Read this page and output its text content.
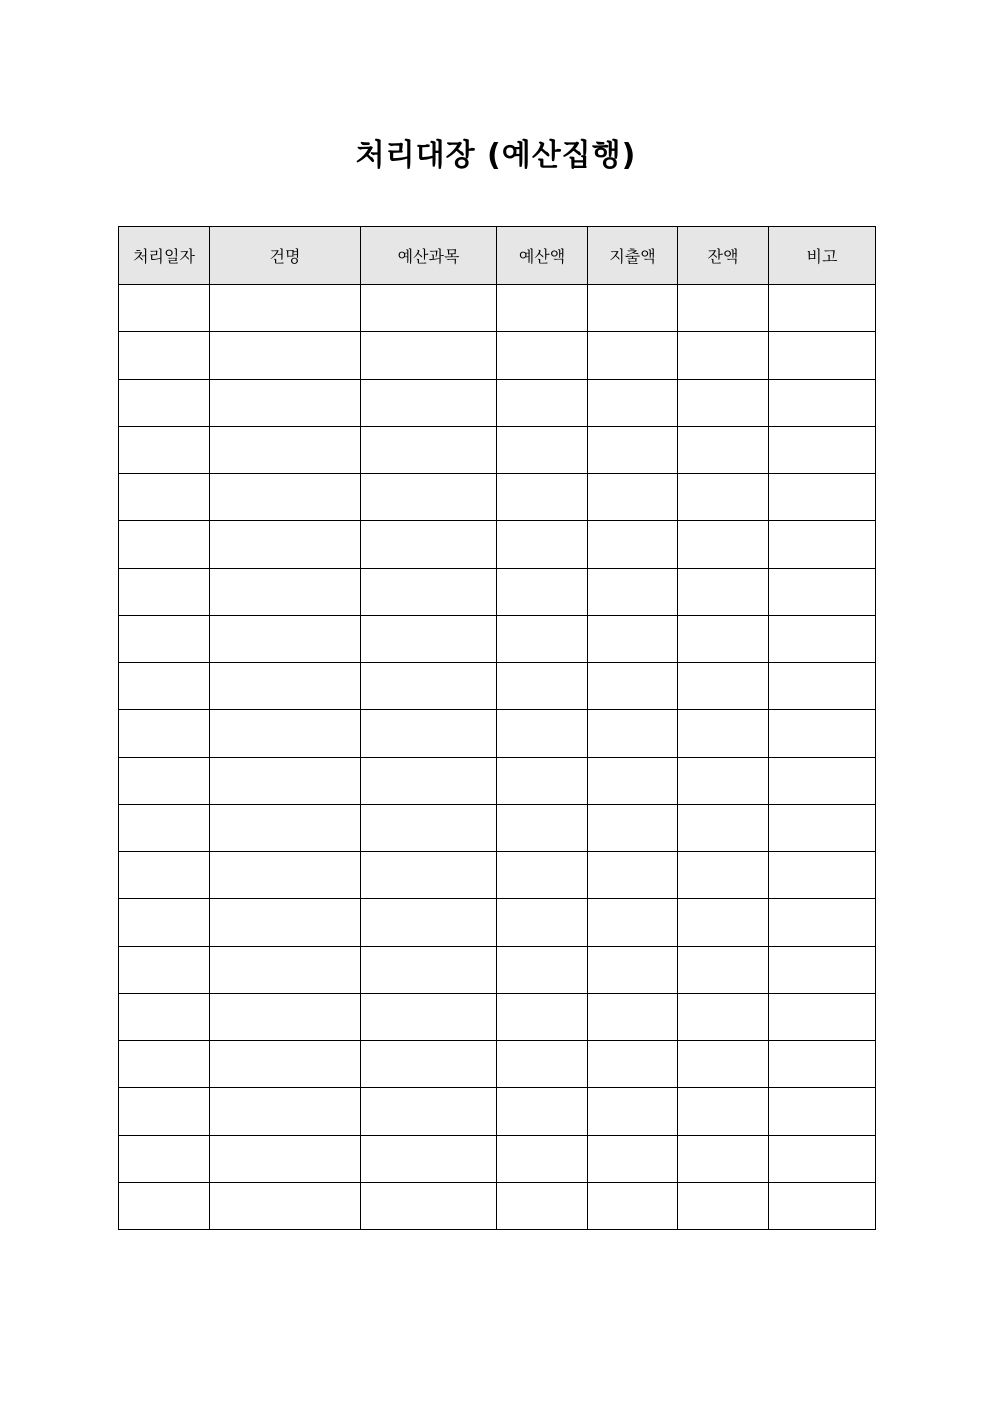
처리대장 (예산집행)
처리일자	건명	예산과목	예산액	지출액	잔액	비고
